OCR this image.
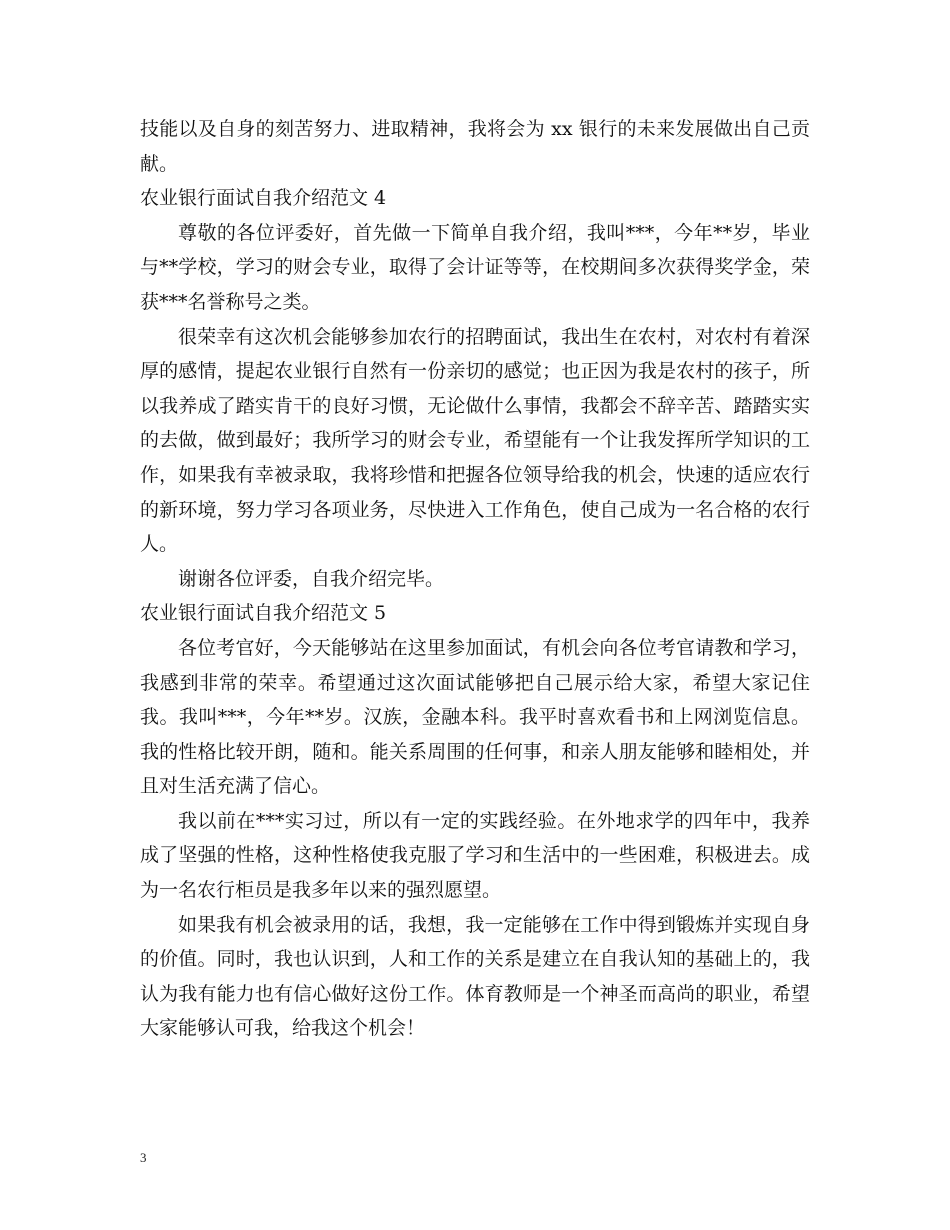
技能以及自身的刻苦努力、进取精神，我将会为 xx 银行的未来发展做出自己贡献。

农业银行面试自我介绍范文 4

尊敬的各位评委好，首先做一下简单自我介绍，我叫***，今年**岁，毕业与**学校，学习的财会专业，取得了会计证等等，在校期间多次获得奖学金，荣获***名誉称号之类。

很荣幸有这次机会能够参加农行的招聘面试，我出生在农村，对农村有着深厚的感情，提起农业银行自然有一份亲切的感觉；也正因为我是农村的孩子，所以我养成了踏实肯干的良好习惯，无论做什么事情，我都会不辞辛苦、踏踏实实的去做，做到最好；我所学习的财会专业，希望能有一个让我发挥所学知识的工作，如果我有幸被录取，我将珍惜和把握各位领导给我的机会，快速的适应农行的新环境，努力学习各项业务，尽快进入工作角色，使自己成为一名合格的农行人。

谢谢各位评委，自我介绍完毕。

农业银行面试自我介绍范文 5

各位考官好，今天能够站在这里参加面试，有机会向各位考官请教和学习，我感到非常的荣幸。希望通过这次面试能够把自己展示给大家，希望大家记住我。我叫***，今年**岁。汉族，金融本科。我平时喜欢看书和上网浏览信息。我的性格比较开朗，随和。能关系周围的任何事，和亲人朋友能够和睦相处，并且对生活充满了信心。

我以前在***实习过，所以有一定的实践经验。在外地求学的四年中，我养成了坚强的性格，这种性格使我克服了学习和生活中的一些困难，积极进去。成为一名农行柜员是我多年以来的强烈愿望。

如果我有机会被录用的话，我想，我一定能够在工作中得到锻炼并实现自身的价值。同时，我也认识到，人和工作的关系是建立在自我认知的基础上的，我认为我有能力也有信心做好这份工作。体育教师是一个神圣而高尚的职业，希望大家能够认可我，给我这个机会！

3
